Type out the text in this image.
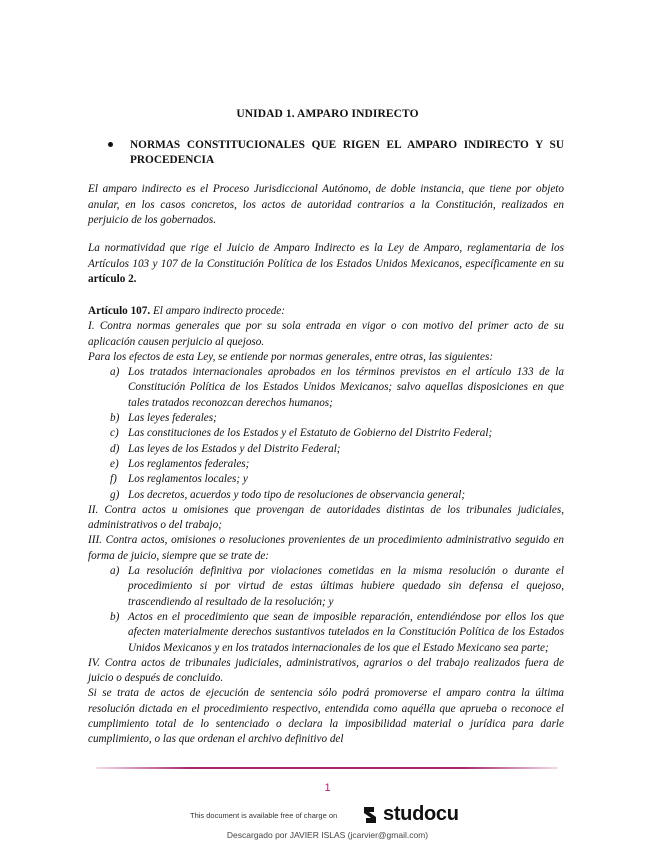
UNIDAD 1. AMPARO INDIRECTO
NORMAS CONSTITUCIONALES QUE RIGEN EL AMPARO INDIRECTO Y SU PROCEDENCIA
El amparo indirecto es el Proceso Jurisdiccional Autónomo, de doble instancia, que tiene por objeto anular, en los casos concretos, los actos de autoridad contrarios a la Constitución, realizados en perjuicio de los gobernados.
La normatividad que rige el Juicio de Amparo Indirecto es la Ley de Amparo, reglamentaria de los Artículos 103 y 107 de la Constitución Política de los Estados Unidos Mexicanos, específicamente en su artículo 2.
Artículo 107. El amparo indirecto procede:
I. Contra normas generales que por su sola entrada en vigor o con motivo del primer acto de su aplicación causen perjuicio al quejoso.
Para los efectos de esta Ley, se entiende por normas generales, entre otras, las siguientes:
a) Los tratados internacionales aprobados en los términos previstos en el artículo 133 de la Constitución Política de los Estados Unidos Mexicanos; salvo aquellas disposiciones en que tales tratados reconozcan derechos humanos;
b) Las leyes federales;
c) Las constituciones de los Estados y el Estatuto de Gobierno del Distrito Federal;
d) Las leyes de los Estados y del Distrito Federal;
e) Los reglamentos federales;
f) Los reglamentos locales; y
g) Los decretos, acuerdos y todo tipo de resoluciones de observancia general;
II. Contra actos u omisiones que provengan de autoridades distintas de los tribunales judiciales, administrativos o del trabajo;
III. Contra actos, omisiones o resoluciones provenientes de un procedimiento administrativo seguido en forma de juicio, siempre que se trate de:
a) La resolución definitiva por violaciones cometidas en la misma resolución o durante el procedimiento si por virtud de estas últimas hubiere quedado sin defensa el quejoso, trascendiendo al resultado de la resolución; y
b) Actos en el procedimiento que sean de imposible reparación, entendiéndose por ellos los que afecten materialmente derechos sustantivos tutelados en la Constitución Política de los Estados Unidos Mexicanos y en los tratados internacionales de los que el Estado Mexicano sea parte;
IV. Contra actos de tribunales judiciales, administrativos, agrarios o del trabajo realizados fuera de juicio o después de concluido.
Si se trata de actos de ejecución de sentencia sólo podrá promoverse el amparo contra la última resolución dictada en el procedimiento respectivo, entendida como aquélla que aprueba o reconoce el cumplimiento total de lo sentenciado o declara la imposibilidad material o jurídica para darle cumplimiento, o las que ordenan el archivo definitivo del
1
This document is available free of charge on studocu
Descargado por JAVIER ISLAS (jcarvier@gmail.com)
